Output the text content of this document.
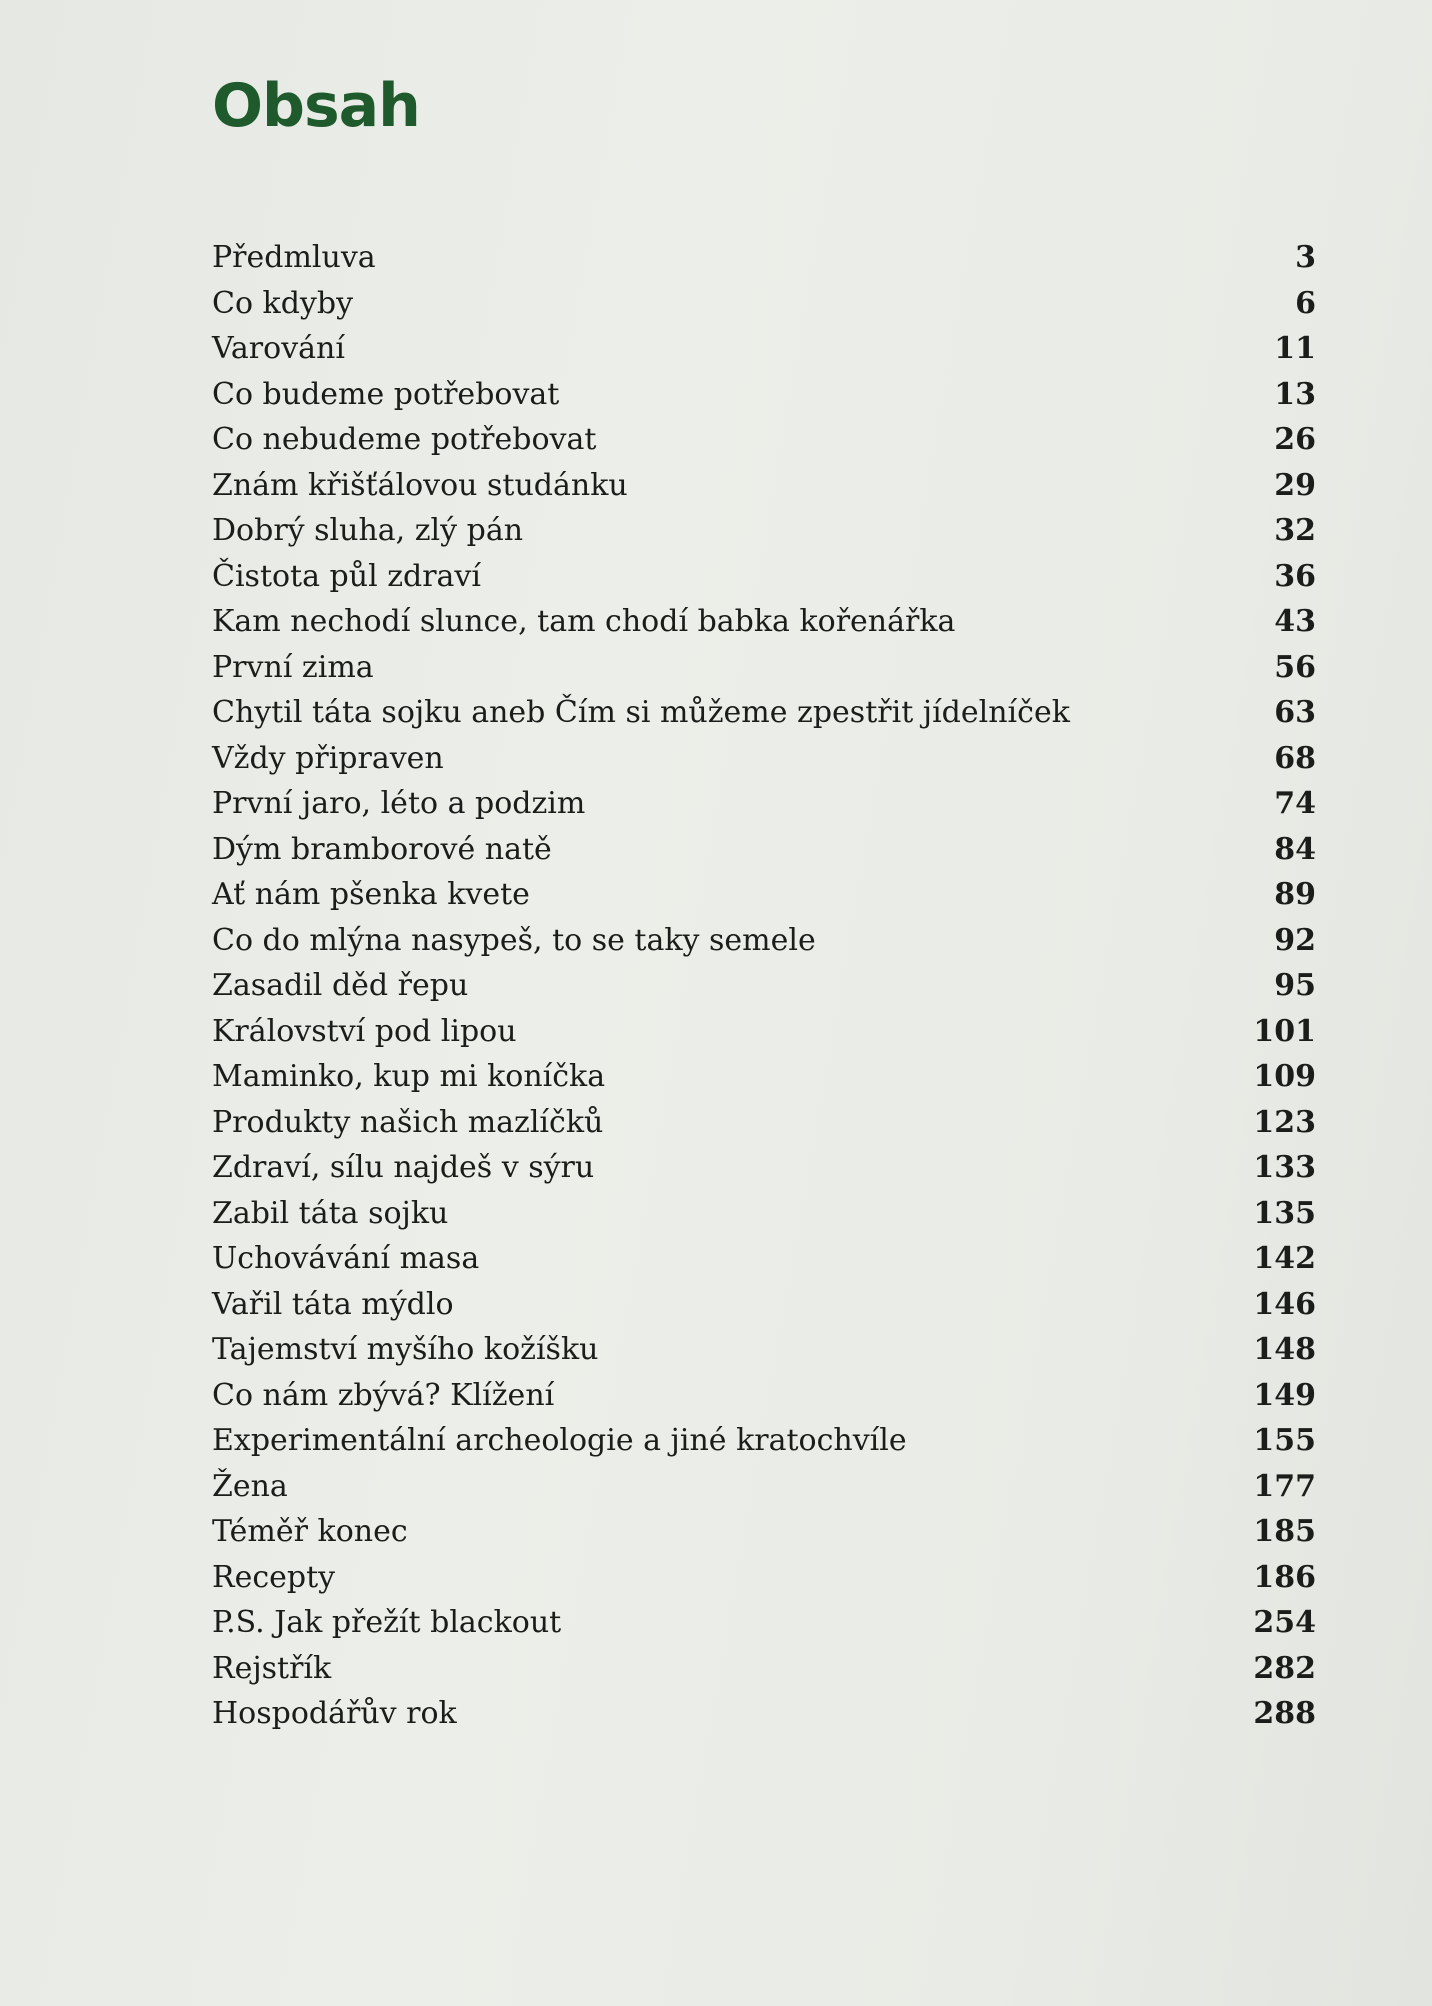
Obsah
Předmluva	3
Co kdyby	6
Varování	11
Co budeme potřebovat	13
Co nebudeme potřebovat	26
Znám křišťálovou studánku	29
Dobrý sluha, zlý pán	32
Čistota půl zdraví	36
Kam nechodí slunce, tam chodí babka kořenářka	43
První zima	56
Chytil táta sojku aneb Čím si můžeme zpestřit jídelníček	63
Vždy připraven	68
První jaro, léto a podzim	74
Dým bramborové natě	84
Ať nám pšenka kvete	89
Co do mlýna nasypeš, to se taky semele	92
Zasadil děd řepu	95
Království pod lipou	101
Maminko, kup mi koníčka	109
Produkty našich mazlíčků	123
Zdraví, sílu najdeš v sýru	133
Zabil táta sojku	135
Uchovávání masa	142
Vařil táta mýdlo	146
Tajemství myšího kožíšku	148
Co nám zbývá? Klížení	149
Experimentální archeologie a jiné kratochvíle	155
Žena	177
Téměř konec	185
Recepty	186
P.S. Jak přežít blackout	254
Rejstřík	282
Hospodářův rok	288
